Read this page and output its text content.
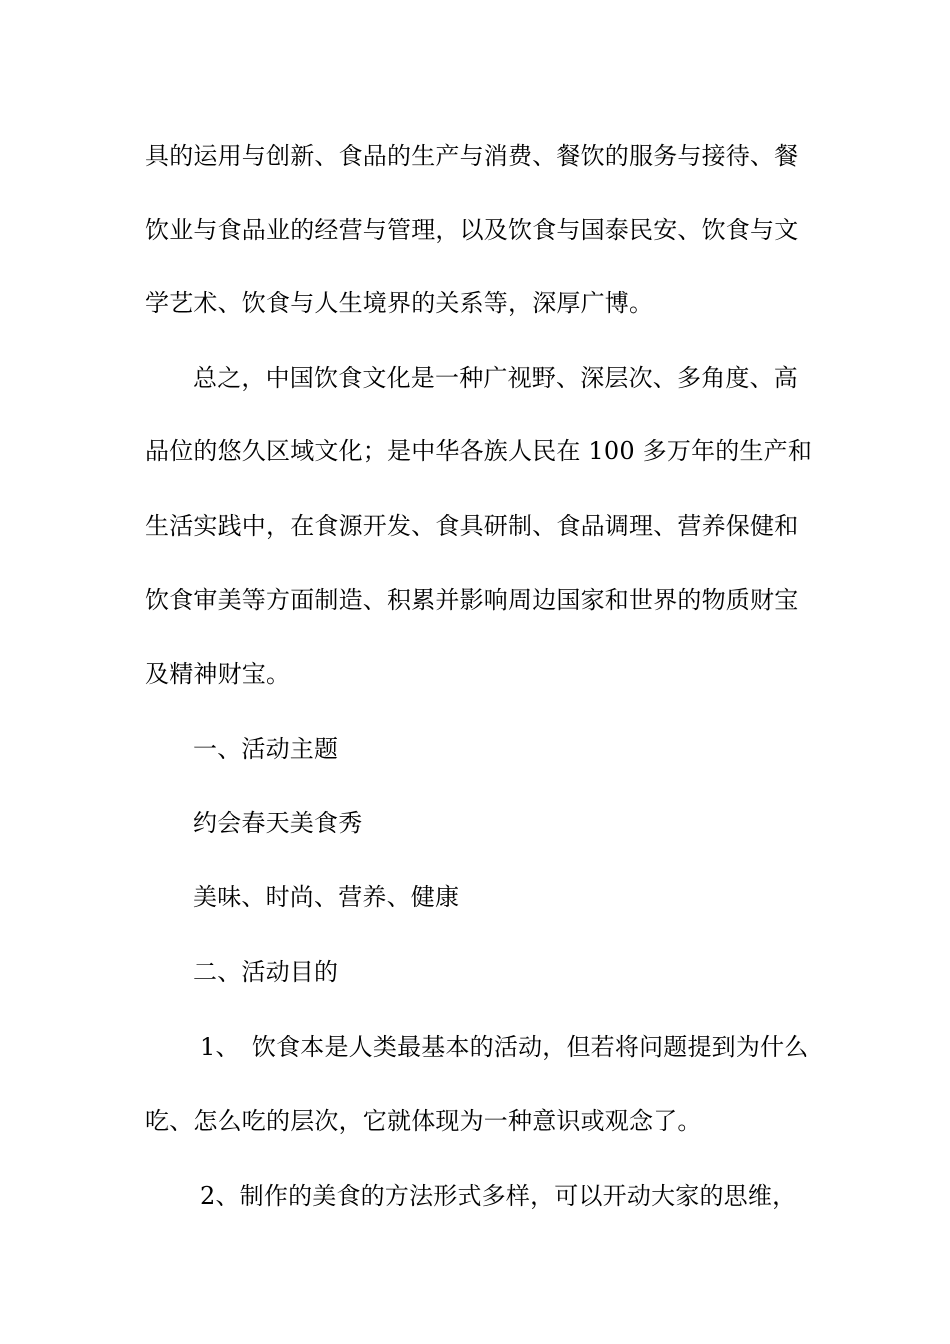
具的运用与创新、食品的生产与消费、餐饮的服务与接待、餐
饮业与食品业的经营与管理，以及饮食与国泰民安、饮食与文
学艺术、饮食与人生境界的关系等，深厚广博。
总之，中国饮食文化是一种广视野、深层次、多角度、高
品位的悠久区域文化；是中华各族人民在 100 多万年的生产和
生活实践中，在食源开发、食具研制、食品调理、营养保健和
饮食审美等方面制造、积累并影响周边国家和世界的物质财宝
及精神财宝。
一、活动主题
约会春天美食秀
美味、时尚、营养、健康
二、活动目的
1、　饮食本是人类最基本的活动，但若将问题提到为什么
吃、怎么吃的层次，它就体现为一种意识或观念了。
2、制作的美食的方法形式多样，可以开动大家的思维，
